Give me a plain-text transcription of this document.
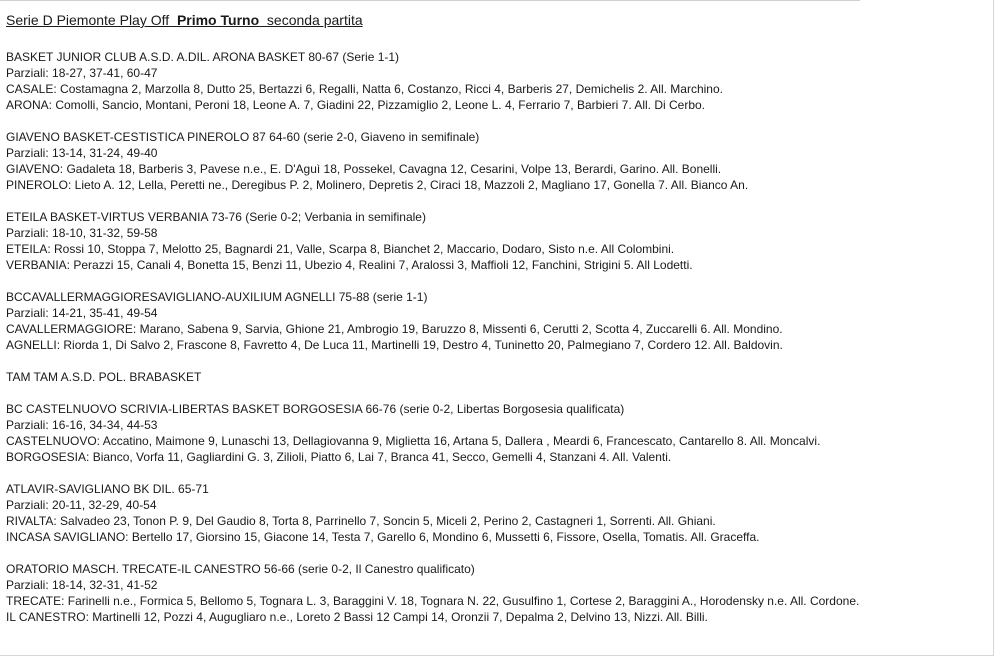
Serie D Piemonte Play Off Primo Turno seconda partita
BASKET JUNIOR CLUB A.S.D. A.DIL. ARONA BASKET 80-67 (Serie 1-1)
Parziali: 18-27, 37-41, 60-47
CASALE: Costamagna 2, Marzolla 8, Dutto 25, Bertazzi 6, Regalli, Natta 6, Costanzo, Ricci 4, Barberis 27, Demichelis 2. All. Marchino.
ARONA: Comolli, Sancio, Montani, Peroni 18, Leone A. 7, Giadini 22, Pizzamiglio 2, Leone L. 4, Ferrario 7, Barbieri 7. All. Di Cerbo.
GIAVENO BASKET-CESTISTICA PINEROLO 87 64-60 (serie 2-0, Giaveno in semifinale)
Parziali: 13-14, 31-24, 49-40
GIAVENO: Gadaleta 18, Barberis 3, Pavese n.e., E. D'Aguì 18, Possekel, Cavagna 12, Cesarini, Volpe 13, Berardi, Garino. All. Bonelli.
PINEROLO: Lieto A. 12, Lella, Peretti ne., Deregibus P. 2, Molinero, Depretis 2, Ciraci 18, Mazzoli 2, Magliano 17, Gonella 7. All. Bianco An.
ETEILA BASKET-VIRTUS VERBANIA 73-76 (Serie 0-2; Verbania in semifinale)
Parziali: 18-10, 31-32, 59-58
ETEILA: Rossi 10, Stoppa 7, Melotto 25, Bagnardi 21, Valle, Scarpa 8, Bianchet 2, Maccario, Dodaro, Sisto n.e. All Colombini.
VERBANIA: Perazzi 15, Canali 4, Bonetta 15, Benzi 11, Ubezio 4, Realini 7, Aralossi 3, Maffioli 12, Fanchini, Strigini 5. All Lodetti.
BCCAVALLERMAGGIORESAVIGLIANO-AUXILIUM AGNELLI 75-88 (serie 1-1)
Parziali: 14-21, 35-41, 49-54
CAVALLERMAGGIORE: Marano, Sabena 9, Sarvia, Ghione 21, Ambrogio 19, Baruzzo 8, Missenti 6, Cerutti 2, Scotta 4, Zuccarelli 6. All. Mondino.
AGNELLI: Riorda 1, Di Salvo 2, Frascone 8, Favretto 4, De Luca 11, Martinelli 19, Destro 4, Tuninetto 20, Palmegiano 7, Cordero 12. All. Baldovin.
TAM TAM A.S.D. POL. BRABASKET
BC CASTELNUOVO SCRIVIA-LIBERTAS BASKET BORGOSESIA 66-76 (serie 0-2, Libertas Borgosesia qualificata)
Parziali: 16-16, 34-34, 44-53
CASTELNUOVO: Accatino, Maimone 9, Lunaschi 13, Dellagiovanna 9, Miglietta 16, Artana 5, Dallera , Meardi 6, Francescato, Cantarello 8. All. Moncalvi.
BORGOSESIA: Bianco, Vorfa 11, Gagliardini G. 3, Zilioli, Piatto 6, Lai 7, Branca 41, Secco, Gemelli 4, Stanzani 4. All. Valenti.
ATLAVIR-SAVIGLIANO BK DIL. 65-71
Parziali: 20-11, 32-29, 40-54
RIVALTA: Salvadeo 23, Tonon P. 9, Del Gaudio 8, Torta 8, Parrinello 7, Soncin 5, Miceli 2, Perino 2, Castagneri 1, Sorrenti. All. Ghiani.
INCASA SAVIGLIANO: Bertello 17, Giorsino 15, Giacone 14, Testa 7, Garello 6, Mondino 6, Mussetti 6, Fissore, Osella, Tomatis. All. Graceffa.
ORATORIO MASCH. TRECATE-IL CANESTRO 56-66 (serie 0-2, Il Canestro qualificato)
Parziali: 18-14, 32-31, 41-52
TRECATE: Farinelli n.e., Formica 5, Bellomo 5, Tognara L. 3, Baraggini V. 18, Tognara N. 22, Gusulfino 1, Cortese 2, Baraggini A., Horodensky n.e. All. Cordone.
IL CANESTRO: Martinelli 12, Pozzi 4, Augugliaro n.e., Loreto 2 Bassi 12 Campi 14, Oronzii 7, Depalma 2, Delvino 13, Nizzi. All. Billi.
